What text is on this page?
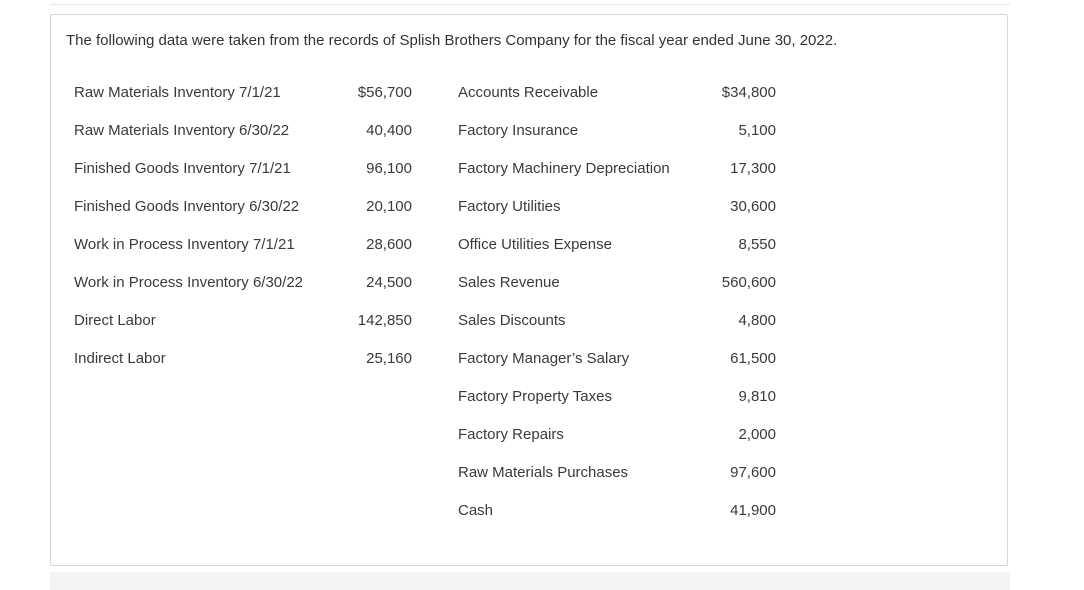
The following data were taken from the records of Splish Brothers Company for the fiscal year ended June 30, 2022.
Raw Materials Inventory 7/1/21
Raw Materials Inventory 6/30/22
Finished Goods Inventory 7/1/21
Finished Goods Inventory 6/30/22
Work in Process Inventory 7/1/21
Work in Process Inventory 6/30/22
Direct Labor
Indirect Labor
$56,700
40,400
96,100
20,100
28,600
24,500
142,850
25,160
Accounts Receivable
Factory Insurance
Factory Machinery Depreciation
Factory Utilities
Office Utilities Expense
Sales Revenue
Sales Discounts
Factory Manager’s Salary
Factory Property Taxes
Factory Repairs
Raw Materials Purchases
Cash
$34,800
5,100
17,300
30,600
8,550
560,600
4,800
61,500
9,810
2,000
97,600
41,900
